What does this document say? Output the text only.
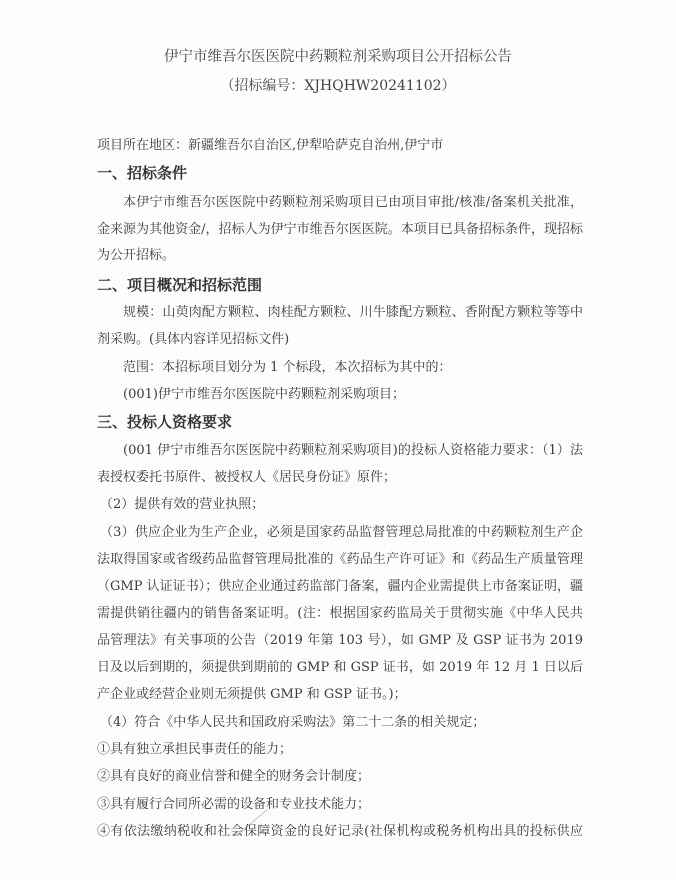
伊宁市维吾尔医医院中药颗粒剂采购项目公开招标公告
（招标编号：XJHQHW20241102）
项目所在地区：新疆维吾尔自治区,伊犁哈萨克自治州,伊宁市
一、招标条件
本伊宁市维吾尔医医院中药颗粒剂采购项目已由项目审批/核准/备案机关批准，
金来源为其他资金/，招标人为伊宁市维吾尔医医院。本项目已具备招标条件，现招标
为公开招标。
二、项目概况和招标范围
规模：山萸肉配方颗粒、肉桂配方颗粒、川牛膝配方颗粒、香附配方颗粒等等中
剂采购。(具体内容详见招标文件)
范围：本招标项目划分为 1 个标段，本次招标为其中的：
(001)伊宁市维吾尔医医院中药颗粒剂采购项目；
三、投标人资格要求
(001 伊宁市维吾尔医医院中药颗粒剂采购项目)的投标人资格能力要求：（1）法
表授权委托书原件、被授权人《居民身份证》原件；
（2）提供有效的营业执照；
（3）供应企业为生产企业，必须是国家药品监督管理总局批准的中药颗粒剂生产企
法取得国家或省级药品监督管理局批准的《药品生产许可证》和《药品生产质量管理
（GMP 认证证书）；供应企业通过药监部门备案，疆内企业需提供上市备案证明，疆
需提供销往疆内的销售备案证明。(注：根据国家药监局关于贯彻实施《中华人民共
品管理法》有关事项的公告（2019 年第 103 号），如 GMP 及 GSP 证书为 2019
日及以后到期的，须提供到期前的 GMP 和 GSP 证书，如 2019 年 12 月 1 日以后
产企业或经营企业则无须提供 GMP 和 GSP 证书。)；
（4）符合《中华人民共和国政府采购法》第二十二条的相关规定；
①具有独立承担民事责任的能力；
②具有良好的商业信誉和健全的财务会计制度；
③具有履行合同所必需的设备和专业技术能力；
④有依法缴纳税收和社会保障资金的良好记录(社保机构或税务机构出具的投标供应
